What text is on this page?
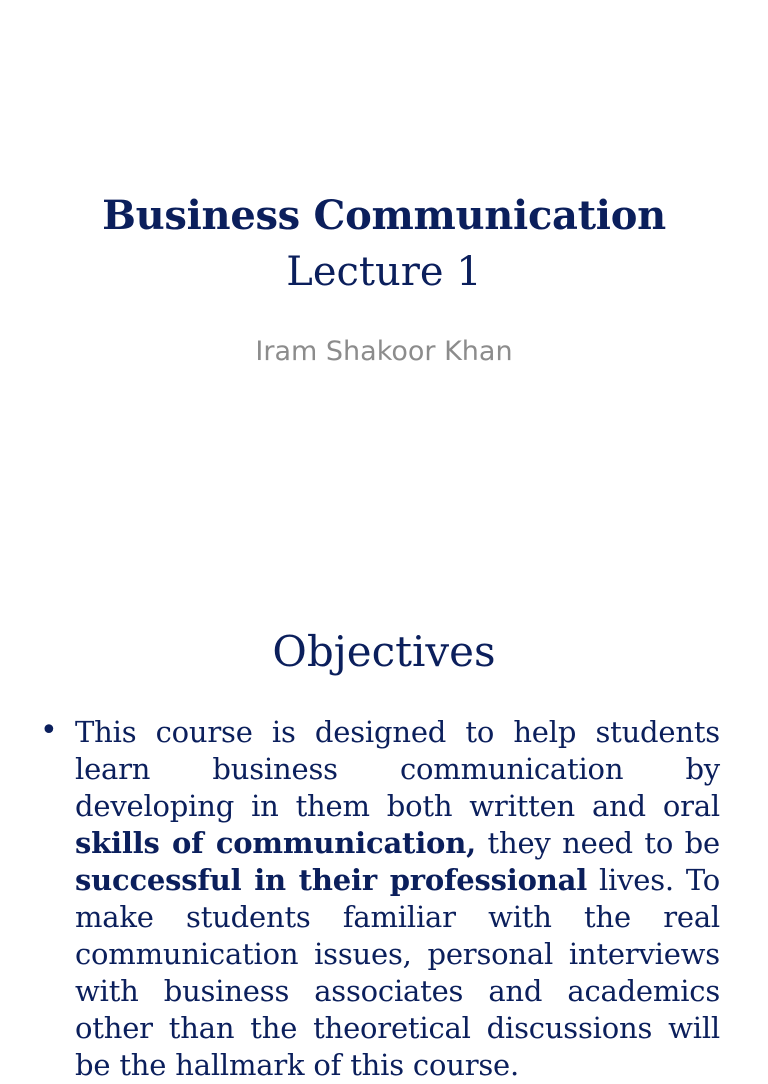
Business Communication
Lecture 1
Iram Shakoor Khan
Objectives
• This course is designed to help students learn business communication by developing in them both written and oral skills of communication, they need to be successful in their professional lives. To make students familiar with the real communication issues, personal interviews with business associates and academics other than the theoretical discussions will be the hallmark of this course.
